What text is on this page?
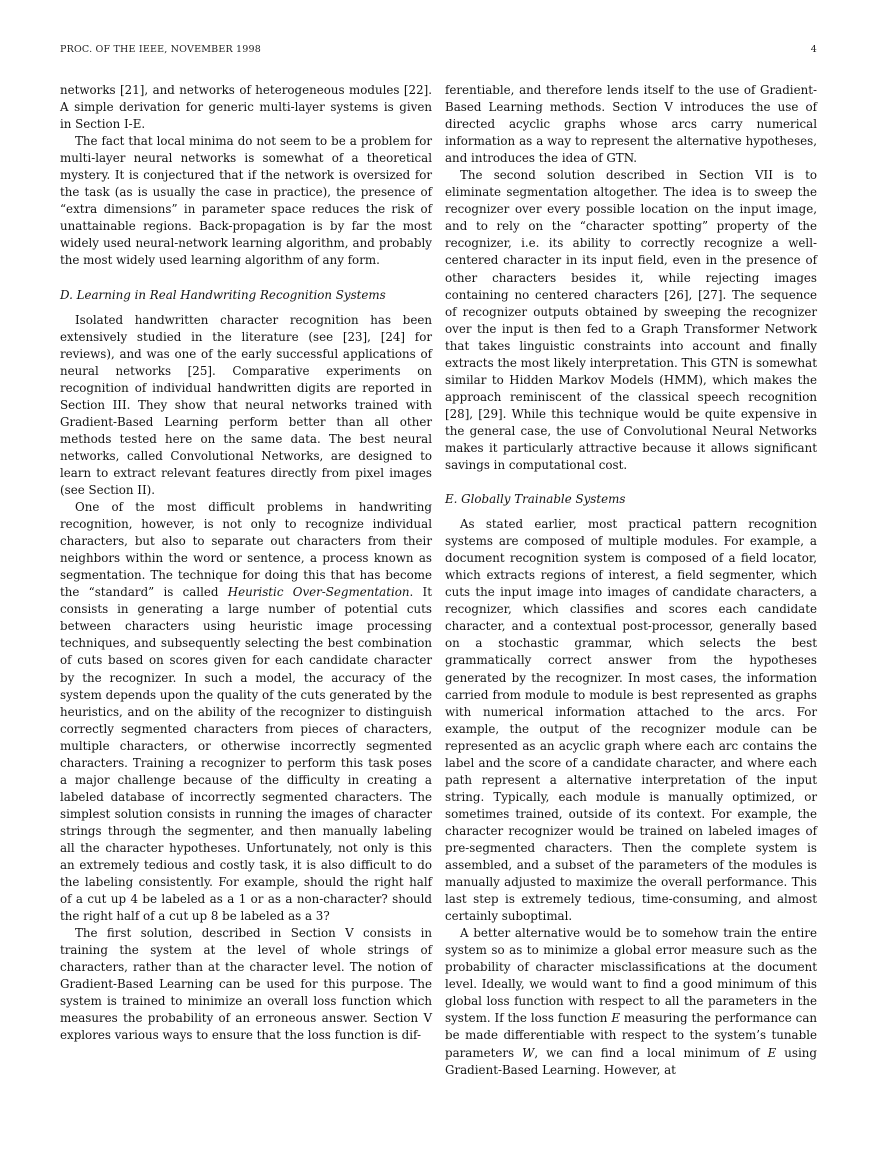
PROC. OF THE IEEE, NOVEMBER 1998	4

networks [21], and networks of heterogeneous modules [22]. A simple derivation for generic multi-layer systems is given in Section I-E.

The fact that local minima do not seem to be a problem for multi-layer neural networks is somewhat of a theoretical mystery. It is conjectured that if the network is oversized for the task (as is usually the case in practice), the presence of “extra dimensions” in parameter space reduces the risk of unattainable regions. Back-propagation is by far the most widely used neural-network learning algorithm, and probably the most widely used learning algorithm of any form.

D. Learning in Real Handwriting Recognition Systems

Isolated handwritten character recognition has been extensively studied in the literature (see [23], [24] for reviews), and was one of the early successful applications of neural networks [25]. Comparative experiments on recognition of individual handwritten digits are reported in Section III. They show that neural networks trained with Gradient-Based Learning perform better than all other methods tested here on the same data. The best neural networks, called Convolutional Networks, are designed to learn to extract relevant features directly from pixel images (see Section II).

One of the most difficult problems in handwriting recognition, however, is not only to recognize individual characters, but also to separate out characters from their neighbors within the word or sentence, a process known as segmentation. The technique for doing this that has become the “standard” is called Heuristic Over-Segmentation. It consists in generating a large number of potential cuts between characters using heuristic image processing techniques, and subsequently selecting the best combination of cuts based on scores given for each candidate character by the recognizer. In such a model, the accuracy of the system depends upon the quality of the cuts generated by the heuristics, and on the ability of the recognizer to distinguish correctly segmented characters from pieces of characters, multiple characters, or otherwise incorrectly segmented characters. Training a recognizer to perform this task poses a major challenge because of the difficulty in creating a labeled database of incorrectly segmented characters. The simplest solution consists in running the images of character strings through the segmenter, and then manually labeling all the character hypotheses. Unfortunately, not only is this an extremely tedious and costly task, it is also difficult to do the labeling consistently. For example, should the right half of a cut up 4 be labeled as a 1 or as a non-character? should the right half of a cut up 8 be labeled as a 3?

The first solution, described in Section V consists in training the system at the level of whole strings of characters, rather than at the character level. The notion of Gradient-Based Learning can be used for this purpose. The system is trained to minimize an overall loss function which measures the probability of an erroneous answer. Section V explores various ways to ensure that the loss function is dif-

ferentiable, and therefore lends itself to the use of Gradient-Based Learning methods. Section V introduces the use of directed acyclic graphs whose arcs carry numerical information as a way to represent the alternative hypotheses, and introduces the idea of GTN.

The second solution described in Section VII is to eliminate segmentation altogether. The idea is to sweep the recognizer over every possible location on the input image, and to rely on the “character spotting” property of the recognizer, i.e. its ability to correctly recognize a well-centered character in its input field, even in the presence of other characters besides it, while rejecting images containing no centered characters [26], [27]. The sequence of recognizer outputs obtained by sweeping the recognizer over the input is then fed to a Graph Transformer Network that takes linguistic constraints into account and finally extracts the most likely interpretation. This GTN is somewhat similar to Hidden Markov Models (HMM), which makes the approach reminiscent of the classical speech recognition [28], [29]. While this technique would be quite expensive in the general case, the use of Convolutional Neural Networks makes it particularly attractive because it allows significant savings in computational cost.

E. Globally Trainable Systems

As stated earlier, most practical pattern recognition systems are composed of multiple modules. For example, a document recognition system is composed of a field locator, which extracts regions of interest, a field segmenter, which cuts the input image into images of candidate characters, a recognizer, which classifies and scores each candidate character, and a contextual post-processor, generally based on a stochastic grammar, which selects the best grammatically correct answer from the hypotheses generated by the recognizer. In most cases, the information carried from module to module is best represented as graphs with numerical information attached to the arcs. For example, the output of the recognizer module can be represented as an acyclic graph where each arc contains the label and the score of a candidate character, and where each path represent a alternative interpretation of the input string. Typically, each module is manually optimized, or sometimes trained, outside of its context. For example, the character recognizer would be trained on labeled images of pre-segmented characters. Then the complete system is assembled, and a subset of the parameters of the modules is manually adjusted to maximize the overall performance. This last step is extremely tedious, time-consuming, and almost certainly suboptimal.

A better alternative would be to somehow train the entire system so as to minimize a global error measure such as the probability of character misclassifications at the document level. Ideally, we would want to find a good minimum of this global loss function with respect to all the parameters in the system. If the loss function E measuring the performance can be made differentiable with respect to the system’s tunable parameters W, we can find a local minimum of E using Gradient-Based Learning. However, at
